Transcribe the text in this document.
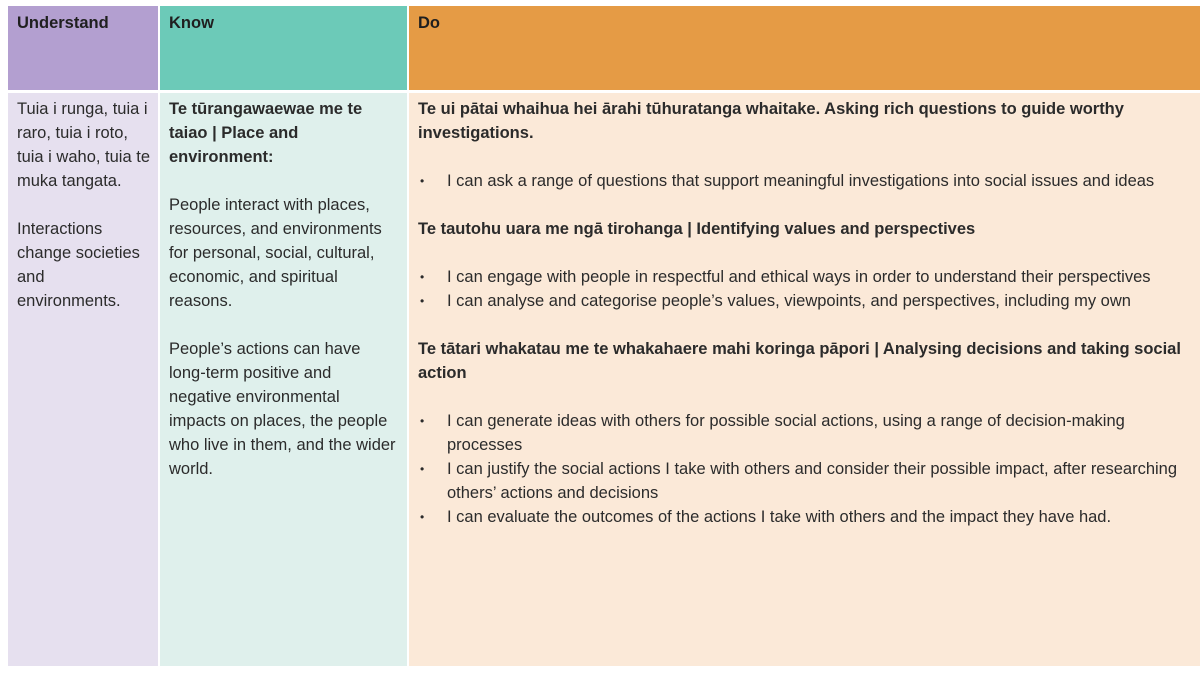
Understand	Know	Do

Tuia i runga, tuia i raro, tuia i roto, tuia i waho, tuia te muka tangata.

Interactions change societies and environments.

Te tūrangawaewae me te taiao | Place and environment:

People interact with places, resources, and environments for personal, social, cultural, economic, and spiritual reasons.

People’s actions can have long-term positive and negative environmental impacts on places, the people who live in them, and the wider world.

Te ui pātai whaihua hei ārahi tūhuratanga whaitake. Asking rich questions to guide worthy investigations.

• I can ask a range of questions that support meaningful investigations into social issues and ideas

Te tautohu uara me ngā tirohanga | Identifying values and perspectives

• I can engage with people in respectful and ethical ways in order to understand their perspectives
• I can analyse and categorise people’s values, viewpoints, and perspectives, including my own

Te tātari whakatau me te whakahaere mahi koringa pāpori | Analysing decisions and taking social action

• I can generate ideas with others for possible social actions, using a range of decision-making processes
• I can justify the social actions I take with others and consider their possible impact, after researching others’ actions and decisions
• I can evaluate the outcomes of the actions I take with others and the impact they have had.
